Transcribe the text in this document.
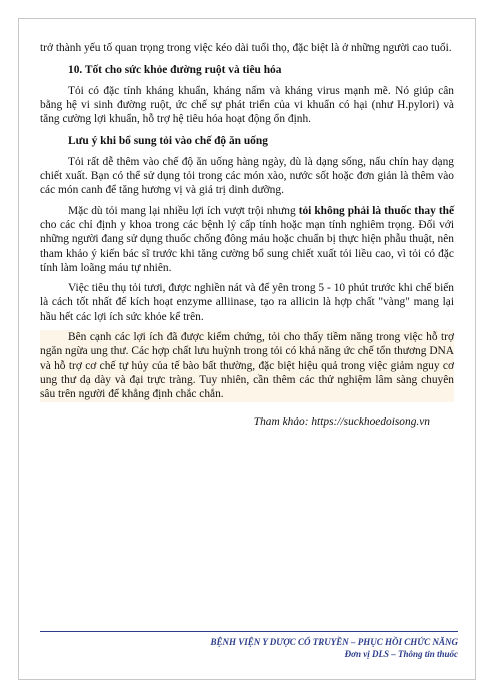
trở thành yếu tố quan trọng trong việc kéo dài tuổi thọ, đặc biệt là ở những người cao tuổi.

10. Tốt cho sức khỏe đường ruột và tiêu hóa

Tỏi có đặc tính kháng khuẩn, kháng nấm và kháng virus mạnh mẽ. Nó giúp cân bằng hệ vi sinh đường ruột, ức chế sự phát triển của vi khuẩn có hại (như H.pylori) và tăng cường lợi khuẩn, hỗ trợ hệ tiêu hóa hoạt động ổn định.

Lưu ý khi bổ sung tỏi vào chế độ ăn uống

Tỏi rất dễ thêm vào chế độ ăn uống hàng ngày, dù là dạng sống, nấu chín hay dạng chiết xuất. Bạn có thể sử dụng tỏi trong các món xào, nước sốt hoặc đơn giản là thêm vào các món canh để tăng hương vị và giá trị dinh dưỡng.

Mặc dù tỏi mang lại nhiều lợi ích vượt trội nhưng tỏi không phải là thuốc thay thế cho các chỉ định y khoa trong các bệnh lý cấp tính hoặc mạn tính nghiêm trọng. Đối với những người đang sử dụng thuốc chống đông máu hoặc chuẩn bị thực hiện phẫu thuật, nên tham khảo ý kiến bác sĩ trước khi tăng cường bổ sung chiết xuất tỏi liều cao, vì tỏi có đặc tính làm loãng máu tự nhiên.

Việc tiêu thụ tỏi tươi, được nghiền nát và để yên trong 5 - 10 phút trước khi chế biến là cách tốt nhất để kích hoạt enzyme alliinase, tạo ra allicin là hợp chất "vàng" mang lại hầu hết các lợi ích sức khỏe kể trên.

Bên cạnh các lợi ích đã được kiểm chứng, tỏi cho thấy tiềm năng trong việc hỗ trợ ngăn ngừa ung thư. Các hợp chất lưu huỳnh trong tỏi có khả năng ức chế tổn thương DNA và hỗ trợ cơ chế tự hủy của tế bào bất thường, đặc biệt hiệu quả trong việc giảm nguy cơ ung thư dạ dày và đại trực tràng. Tuy nhiên, cần thêm các thử nghiệm lâm sàng chuyên sâu trên người để khẳng định chắc chắn.

Tham khảo: https://suckhoedoisong.vn
BỆNH VIỆN Y DƯỢC CỔ TRUYỀN – PHỤC HỒI CHỨC NĂNG
Đơn vị DLS – Thông tin thuốc
